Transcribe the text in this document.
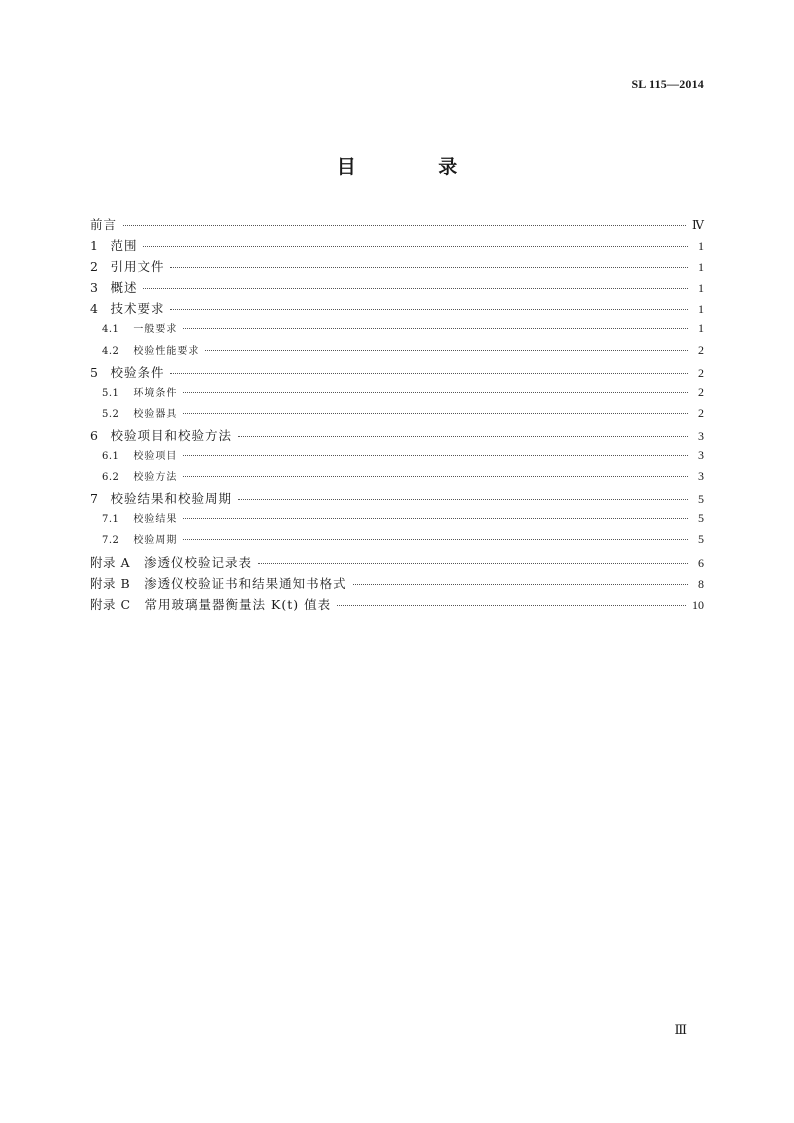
SL 115—2014
目 录
前言	Ⅳ
1 范围	1
2 引用文件	1
3 概述	1
4 技术要求	1
4.1 一般要求	1
4.2 校验性能要求	2
5 校验条件	2
5.1 环境条件	2
5.2 校验器具	2
6 校验项目和校验方法	3
6.1 校验项目	3
6.2 校验方法	3
7 校验结果和校验周期	5
7.1 校验结果	5
7.2 校验周期	5
附录 A 渗透仪校验记录表	6
附录 B 渗透仪校验证书和结果通知书格式	8
附录 C 常用玻璃量器衡量法 K(t) 值表	10
Ⅲ
